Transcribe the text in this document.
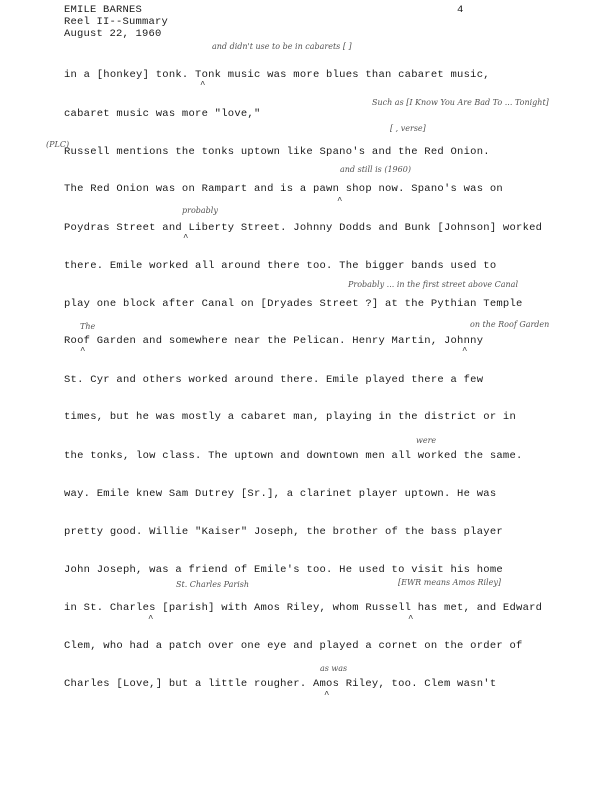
EMILE BARNES
Reel II--Summary
August 22, 1960
4
in a [honkey] tonk. Tonk music was more blues than cabaret music,
cabaret music was more "love,"
Russell mentions the tonks uptown like Spano's and the Red Onion.
The Red Onion was on Rampart and is a pawn shop now. Spano's was on
Poydras Street and Liberty Street. Johnny Dodds and Bunk [Johnson] worked
there. Emile worked all around there too. The bigger bands used to
play one block after Canal on [Dryades Street ?] at the Pythian Temple
Roof Garden and somewhere near the Pelican. Henry Martin, Johnny
St. Cyr and others worked around there. Emile played there a few
times, but he was mostly a cabaret man, playing in the district or in
the tonks, low class. The uptown and downtown men all worked the same.
way. Emile knew Sam Dutrey [Sr.], a clarinet player uptown. He was
pretty good. Willie "Kaiser" Joseph, the brother of the bass player
John Joseph, was a friend of Emile's too. He used to visit his home
in St. Charles [parish] with Amos Riley, whom Russell has met, and Edward
Clem, who had a patch over one eye and played a cornet on the order of
Charles [Love,] but a little rougher. Amos Riley, too. Clem wasn't
and didn't use to be in cabarets [ ]
Such as [I Know You Are Bad To ... Tonight]
[ , verse]
(PLC)
and still is (1960)
probably
Probably ... in the first street above Canal
The	on the Roof Garden
were
St. Charles Parish	[EWR means Amos Riley]
as was
^
^
^
^	^
^	^
^
